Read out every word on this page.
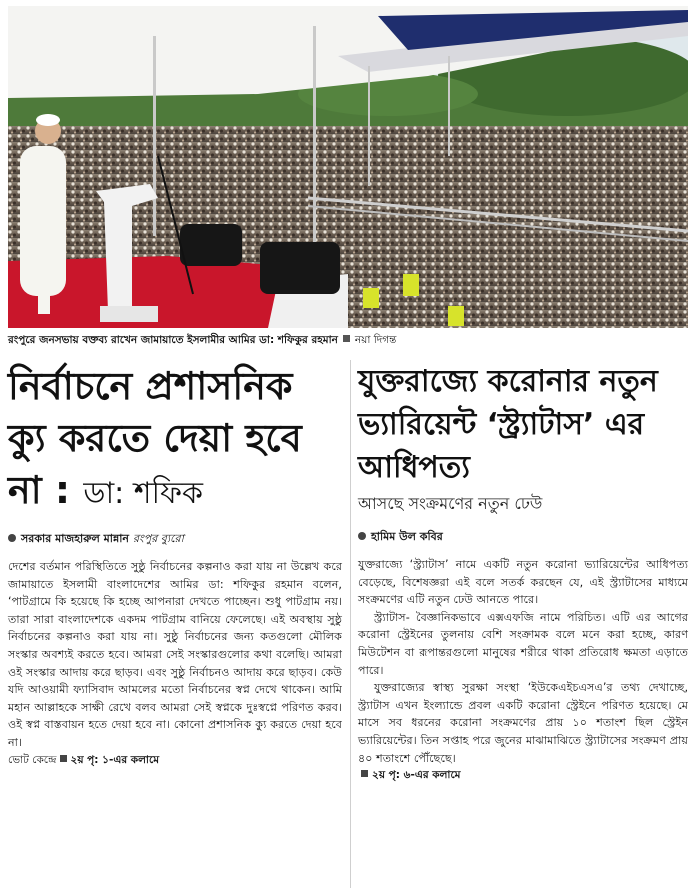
রংপুরে জনসভায় বক্তব্য রাখেন জামায়াতে ইসলামীর আমির ডা: শফিকুর রহমান নয়া দিগন্ত
নির্বাচনে প্রশাসনিক ক্যু করতে দেয়া হবে না : ডা: শফিক
সরকার মাজহারুল মান্নান রংপুর ব্যুরো

দেশের বর্তমান পরিস্থিতিতে সুষ্ঠু নির্বাচনের কল্পনাও করা যায় না উল্লেখ করে জামায়াতে ইসলামী বাংলাদেশের আমির ডা: শফিকুর রহমান বলেন, ‘পাটগ্রামে কি হয়েছে কি হচ্ছে আপনারা দেখতে পাচ্ছেন। শুধু পাটগ্রাম নয়। তারা সারা বাংলাদেশকে একদম পাটগ্রাম বানিয়ে ফেলেছে। এই অবস্থায় সুষ্ঠু নির্বাচনের কল্পনাও করা যায় না। সুষ্ঠু নির্বাচনের জন্য কতগুলো মৌলিক সংস্কার অবশ্যই করতে হবে। আমরা সেই সংস্কারগুলোর কথা বলেছি। আমরা ওই সংস্কার আদায় করে ছাড়ব। এবং সুষ্ঠু নির্বাচনও আদায় করে ছাড়ব। কেউ যদি আওয়ামী ফ্যাসিবাদ আমলের মতো নির্বাচনের স্বপ্ন দেখে থাকেন। আমি মহান আল্লাহকে সাক্ষী রেখে বলব আমরা সেই স্বপ্নকে দুঃস্বপ্নে পরিণত করব। ওই স্বপ্ন বাস্তবায়ন হতে দেয়া হবে না। কোনো প্রশাসনিক ক্যু করতে দেয়া হবে না।

ভোট কেন্দ্রে ২য় পৃ: ১-এর কলামে
যুক্তরাজ্যে করোনার নতুন ভ্যারিয়েন্ট ‘স্ট্র্যাটাস’ এর আধিপত্য
আসছে সংক্রমণের নতুন ঢেউ
হামিম উল কবির

যুক্তরাজ্যে ‘স্ট্র্যাটাস’ নামে একটি নতুন করোনা ভ্যারিয়েন্টের আধিপত্য বেড়েছে, বিশেষজ্ঞরা এই বলে সতর্ক করছেন যে, এই স্ট্র্যাটাসের মাধ্যমে সংক্রমণের এটি নতুন ঢেউ আনতে পারে।

স্ট্র্যাটাস- বৈজ্ঞানিকভাবে এক্সএফজি নামে পরিচিত। এটি এর আগের করোনা স্ট্রেইনের তুলনায় বেশি সংক্রামক বলে মনে করা হচ্ছে, কারণ মিউটেশন বা রূপান্তরগুলো মানুষের শরীরে থাকা প্রতিরোধ ক্ষমতা এড়াতে পারে।

যুক্তরাজ্যের স্বাস্থ্য সুরক্ষা সংস্থা ‘ইউকেএইচএসএ’র তথ্য দেখাচ্ছে, স্ট্র্যাটাস এখন ইংল্যান্ডে প্রবল একটি করোনা স্ট্রেইনে পরিণত হয়েছে। মে মাসে সব ধরনের করোনা সংক্রমণের প্রায় ১০ শতাংশ ছিল স্ট্রেইন ভ্যারিয়েন্টের। তিন সপ্তাহ পরে জুনের মাঝামাঝিতে স্ট্র্যাটাসের সংক্রমণ প্রায় ৪০ শতাংশে পৌঁছেছে।

২য় পৃ: ৬-এর কলামে
